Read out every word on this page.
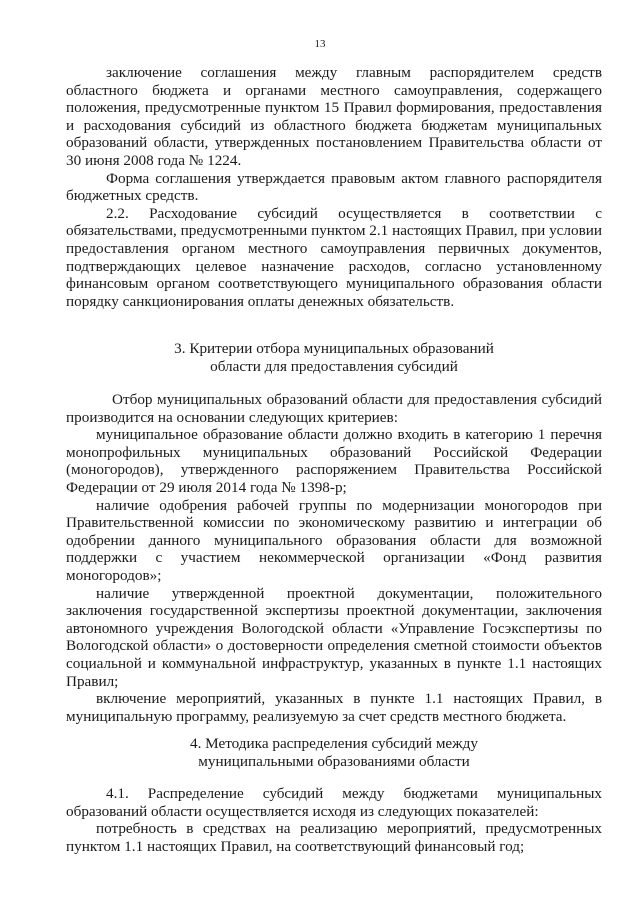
13

заключение соглашения между главным распорядителем средств областного бюджета и органами местного самоуправления, содержащего положения, предусмотренные пунктом 15 Правил формирования, предоставления и расходования субсидий из областного бюджета бюджетам муниципальных образований области, утвержденных постановлением Правительства области от 30 июня 2008 года № 1224.

Форма соглашения утверждается правовым актом главного распорядителя бюджетных средств.

2.2. Расходование субсидий осуществляется в соответствии с обязательствами, предусмотренными пунктом 2.1 настоящих Правил, при условии предоставления органом местного самоуправления первичных документов, подтверждающих целевое назначение расходов, согласно установленному финансовым органом соответствующего муниципального образования области порядку санкционирования оплаты денежных обязательств.

3. Критерии отбора муниципальных образований
области для предоставления субсидий

Отбор муниципальных образований области для предоставления субсидий производится на основании следующих критериев:

муниципальное образование области должно входить в категорию 1 перечня монопрофильных муниципальных образований Российской Федерации (моногородов), утвержденного распоряжением Правительства Российской Федерации от 29 июля 2014 года № 1398-р;

наличие одобрения рабочей группы по модернизации моногородов при Правительственной комиссии по экономическому развитию и интеграции об одобрении данного муниципального образования области для возможной поддержки с участием некоммерческой организации «Фонд развития моногородов»;

наличие утвержденной проектной документации, положительного заключения государственной экспертизы проектной документации, заключения автономного учреждения Вологодской области «Управление Госэкспертизы по Вологодской области» о достоверности определения сметной стоимости объектов социальной и коммунальной инфраструктур, указанных в пункте 1.1 настоящих Правил;

включение мероприятий, указанных в пункте 1.1 настоящих Правил, в муниципальную программу, реализуемую за счет средств местного бюджета.

4. Методика распределения субсидий между
муниципальными образованиями области

4.1. Распределение субсидий между бюджетами муниципальных образований области осуществляется исходя из следующих показателей:

потребность в средствах на реализацию мероприятий, предусмотренных пунктом 1.1 настоящих Правил, на соответствующий финансовый год;
